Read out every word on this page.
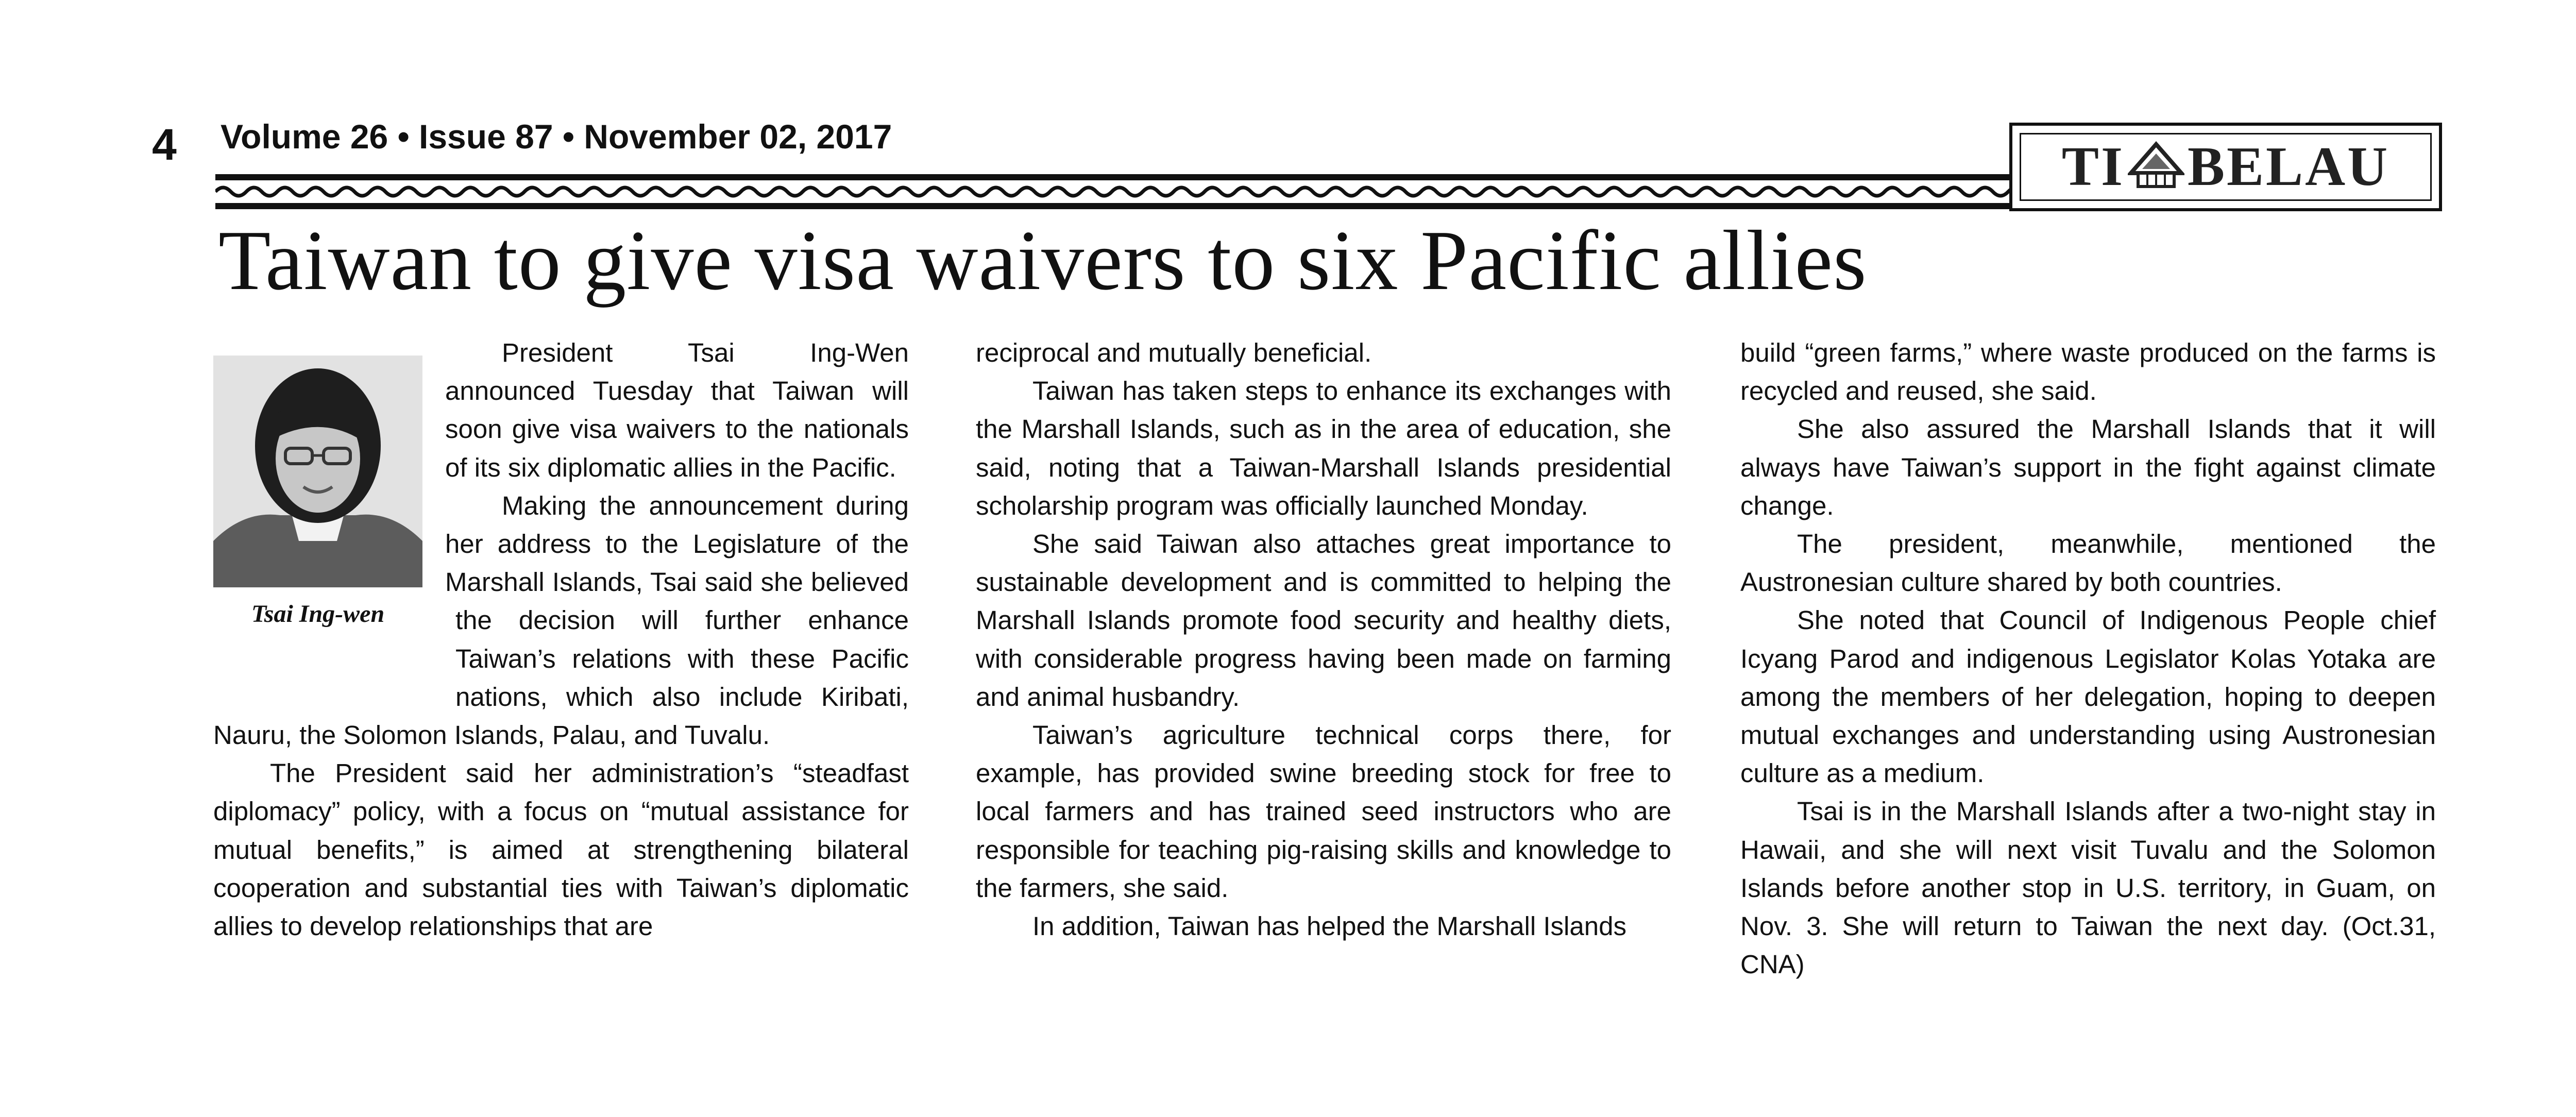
4 Volume 26 • Issue 87 • November 02, 2017	TI BELAU
Taiwan to give visa waivers to six Pacific allies
Tsai Ing-wen

President Tsai Ing-Wen announced Tuesday that Taiwan will soon give visa waivers to the nationals of its six diplomatic allies in the Pacific.

Making the announcement during her address to the Legislature of the Marshall Islands, Tsai said she believed the decision will further enhance Taiwan’s relations with these Pacific nations, which also include Kiribati, Nauru, the Solomon Islands, Palau, and Tuvalu.

The President said her administration’s “steadfast diplomacy” policy, with a focus on “mutual assistance for mutual benefits,” is aimed at strengthening bilateral cooperation and substantial ties with Taiwan’s diplomatic allies to develop relationships that are

reciprocal and mutually beneficial.

Taiwan has taken steps to enhance its exchanges with the Marshall Islands, such as in the area of education, she said, noting that a Taiwan-Marshall Islands presidential scholarship program was officially launched Monday.

She said Taiwan also attaches great importance to sustainable development and is committed to helping the Marshall Islands promote food security and healthy diets, with considerable progress having been made on farming and animal husbandry.

Taiwan’s agriculture technical corps there, for example, has provided swine breeding stock for free to local farmers and has trained seed instructors who are responsible for teaching pig-raising skills and knowledge to the farmers, she said.

In addition, Taiwan has helped the Marshall Islands

build “green farms,” where waste produced on the farms is recycled and reused, she said.

She also assured the Marshall Islands that it will always have Taiwan’s support in the fight against climate change.

The president, meanwhile, mentioned the Austronesian culture shared by both countries.

She noted that Council of Indigenous People chief Icyang Parod and indigenous Legislator Kolas Yotaka are among the members of her delegation, hoping to deepen mutual exchanges and understanding using Austronesian culture as a medium.

Tsai is in the Marshall Islands after a two-night stay in Hawaii, and she will next visit Tuvalu and the Solomon Islands before another stop in U.S. territory, in Guam, on Nov. 3. She will return to Taiwan the next day. (Oct.31, CNA)
